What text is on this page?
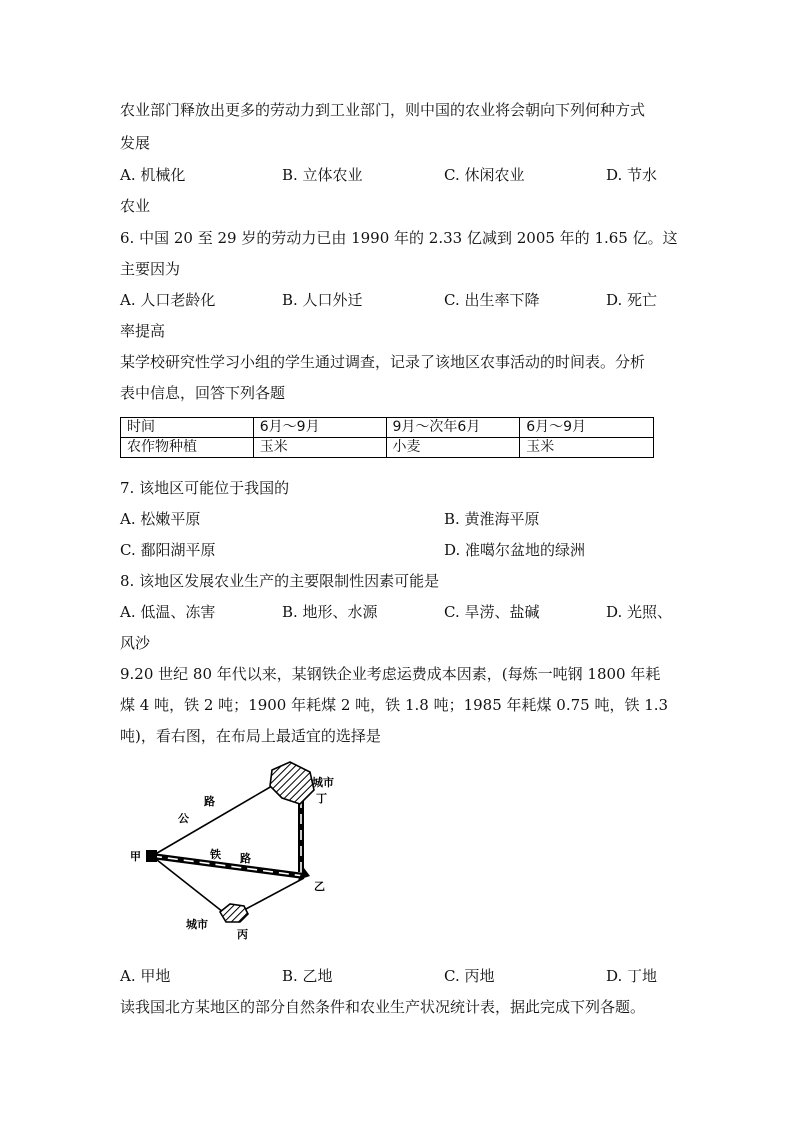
农业部门释放出更多的劳动力到工业部门，则中国的农业将会朝向下列何种方式
发展
A. 机械化	B. 立体农业	C. 休闲农业	D. 节水
农业
6. 中国 20 至 29 岁的劳动力已由 1990 年的 2.33 亿减到 2005 年的 1.65 亿。这
主要因为
A. 人口老龄化	B. 人口外迁	C. 出生率下降	D. 死亡
率提高
某学校研究性学习小组的学生通过调查，记录了该地区农事活动的时间表。分析
表中信息，回答下列各题
时间	6月～9月	9月～次年6月	6月～9月
农作物种植	玉米	小麦	玉米
7. 该地区可能位于我国的
A. 松嫩平原	B. 黄淮海平原
C. 鄱阳湖平原	D. 准噶尔盆地的绿洲
8. 该地区发展农业生产的主要限制性因素可能是
A. 低温、冻害	B. 地形、水源	C. 旱涝、盐碱	D. 光照、
风沙
9.20 世纪 80 年代以来，某钢铁企业考虑运费成本因素，(每炼一吨钢 1800 年耗
煤 4 吨，铁 2 吨；1900 年耗煤 2 吨，铁 1.8 吨；1985 年耗煤 0.75 吨，铁 1.3
吨)，看右图，在布局上最适宜的选择是
甲
乙
丙
城市
城市
丁
公
路
铁 路
A. 甲地	B. 乙地	C. 丙地	D. 丁地
读我国北方某地区的部分自然条件和农业生产状况统计表，据此完成下列各题。
